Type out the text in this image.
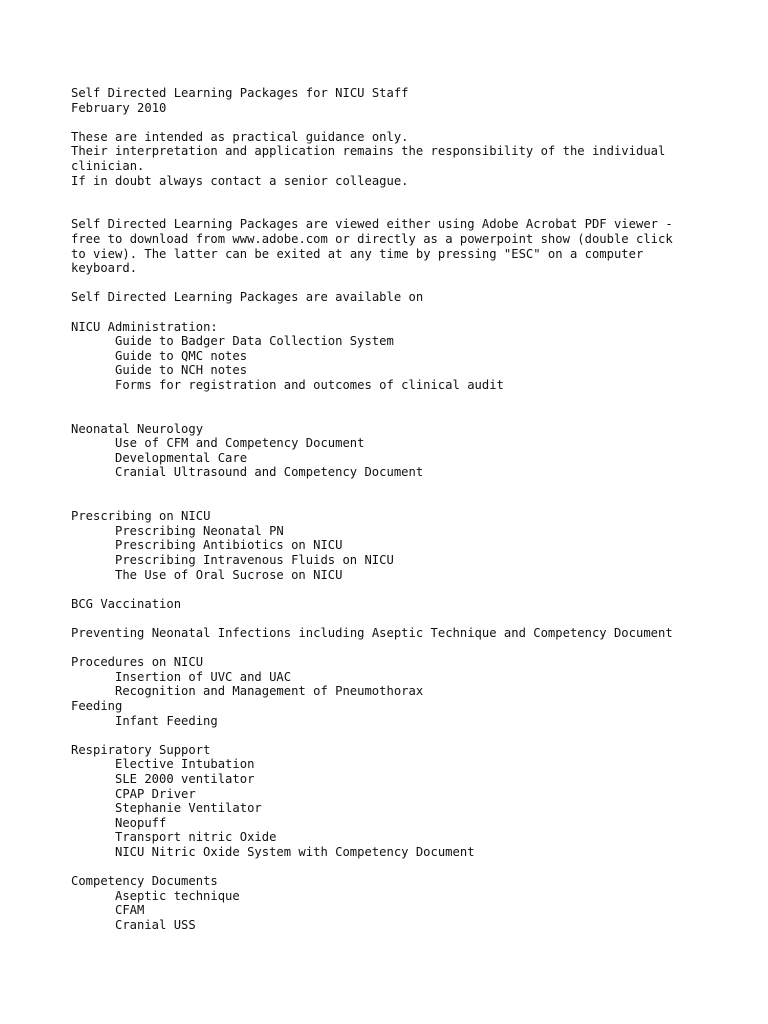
Self Directed Learning Packages for NICU Staff
February 2010
These are intended as practical guidance only.
Their interpretation and application remains the responsibility of the individual
clinician.
If in doubt always contact a senior colleague.
Self Directed Learning Packages are viewed either using Adobe Acrobat PDF viewer -
free to download from www.adobe.com or directly as a powerpoint show (double click
to view). The latter can be exited at any time by pressing "ESC" on a computer
keyboard.
Self Directed Learning Packages are available on
NICU Administration:
Guide to Badger Data Collection System
Guide to QMC notes
Guide to NCH notes
Forms for registration and outcomes of clinical audit
Neonatal Neurology
Use of CFM and Competency Document
Developmental Care
Cranial Ultrasound and Competency Document
Prescribing on NICU
Prescribing Neonatal PN
Prescribing Antibiotics on NICU
Prescribing Intravenous Fluids on NICU
The Use of Oral Sucrose on NICU
BCG Vaccination
Preventing Neonatal Infections including Aseptic Technique and Competency Document
Procedures on NICU
Insertion of UVC and UAC
Recognition and Management of Pneumothorax
Feeding
Infant Feeding
Respiratory Support
Elective Intubation
SLE 2000 ventilator
CPAP Driver
Stephanie Ventilator
Neopuff
Transport nitric Oxide
NICU Nitric Oxide System with Competency Document
Competency Documents
Aseptic technique
CFAM
Cranial USS
